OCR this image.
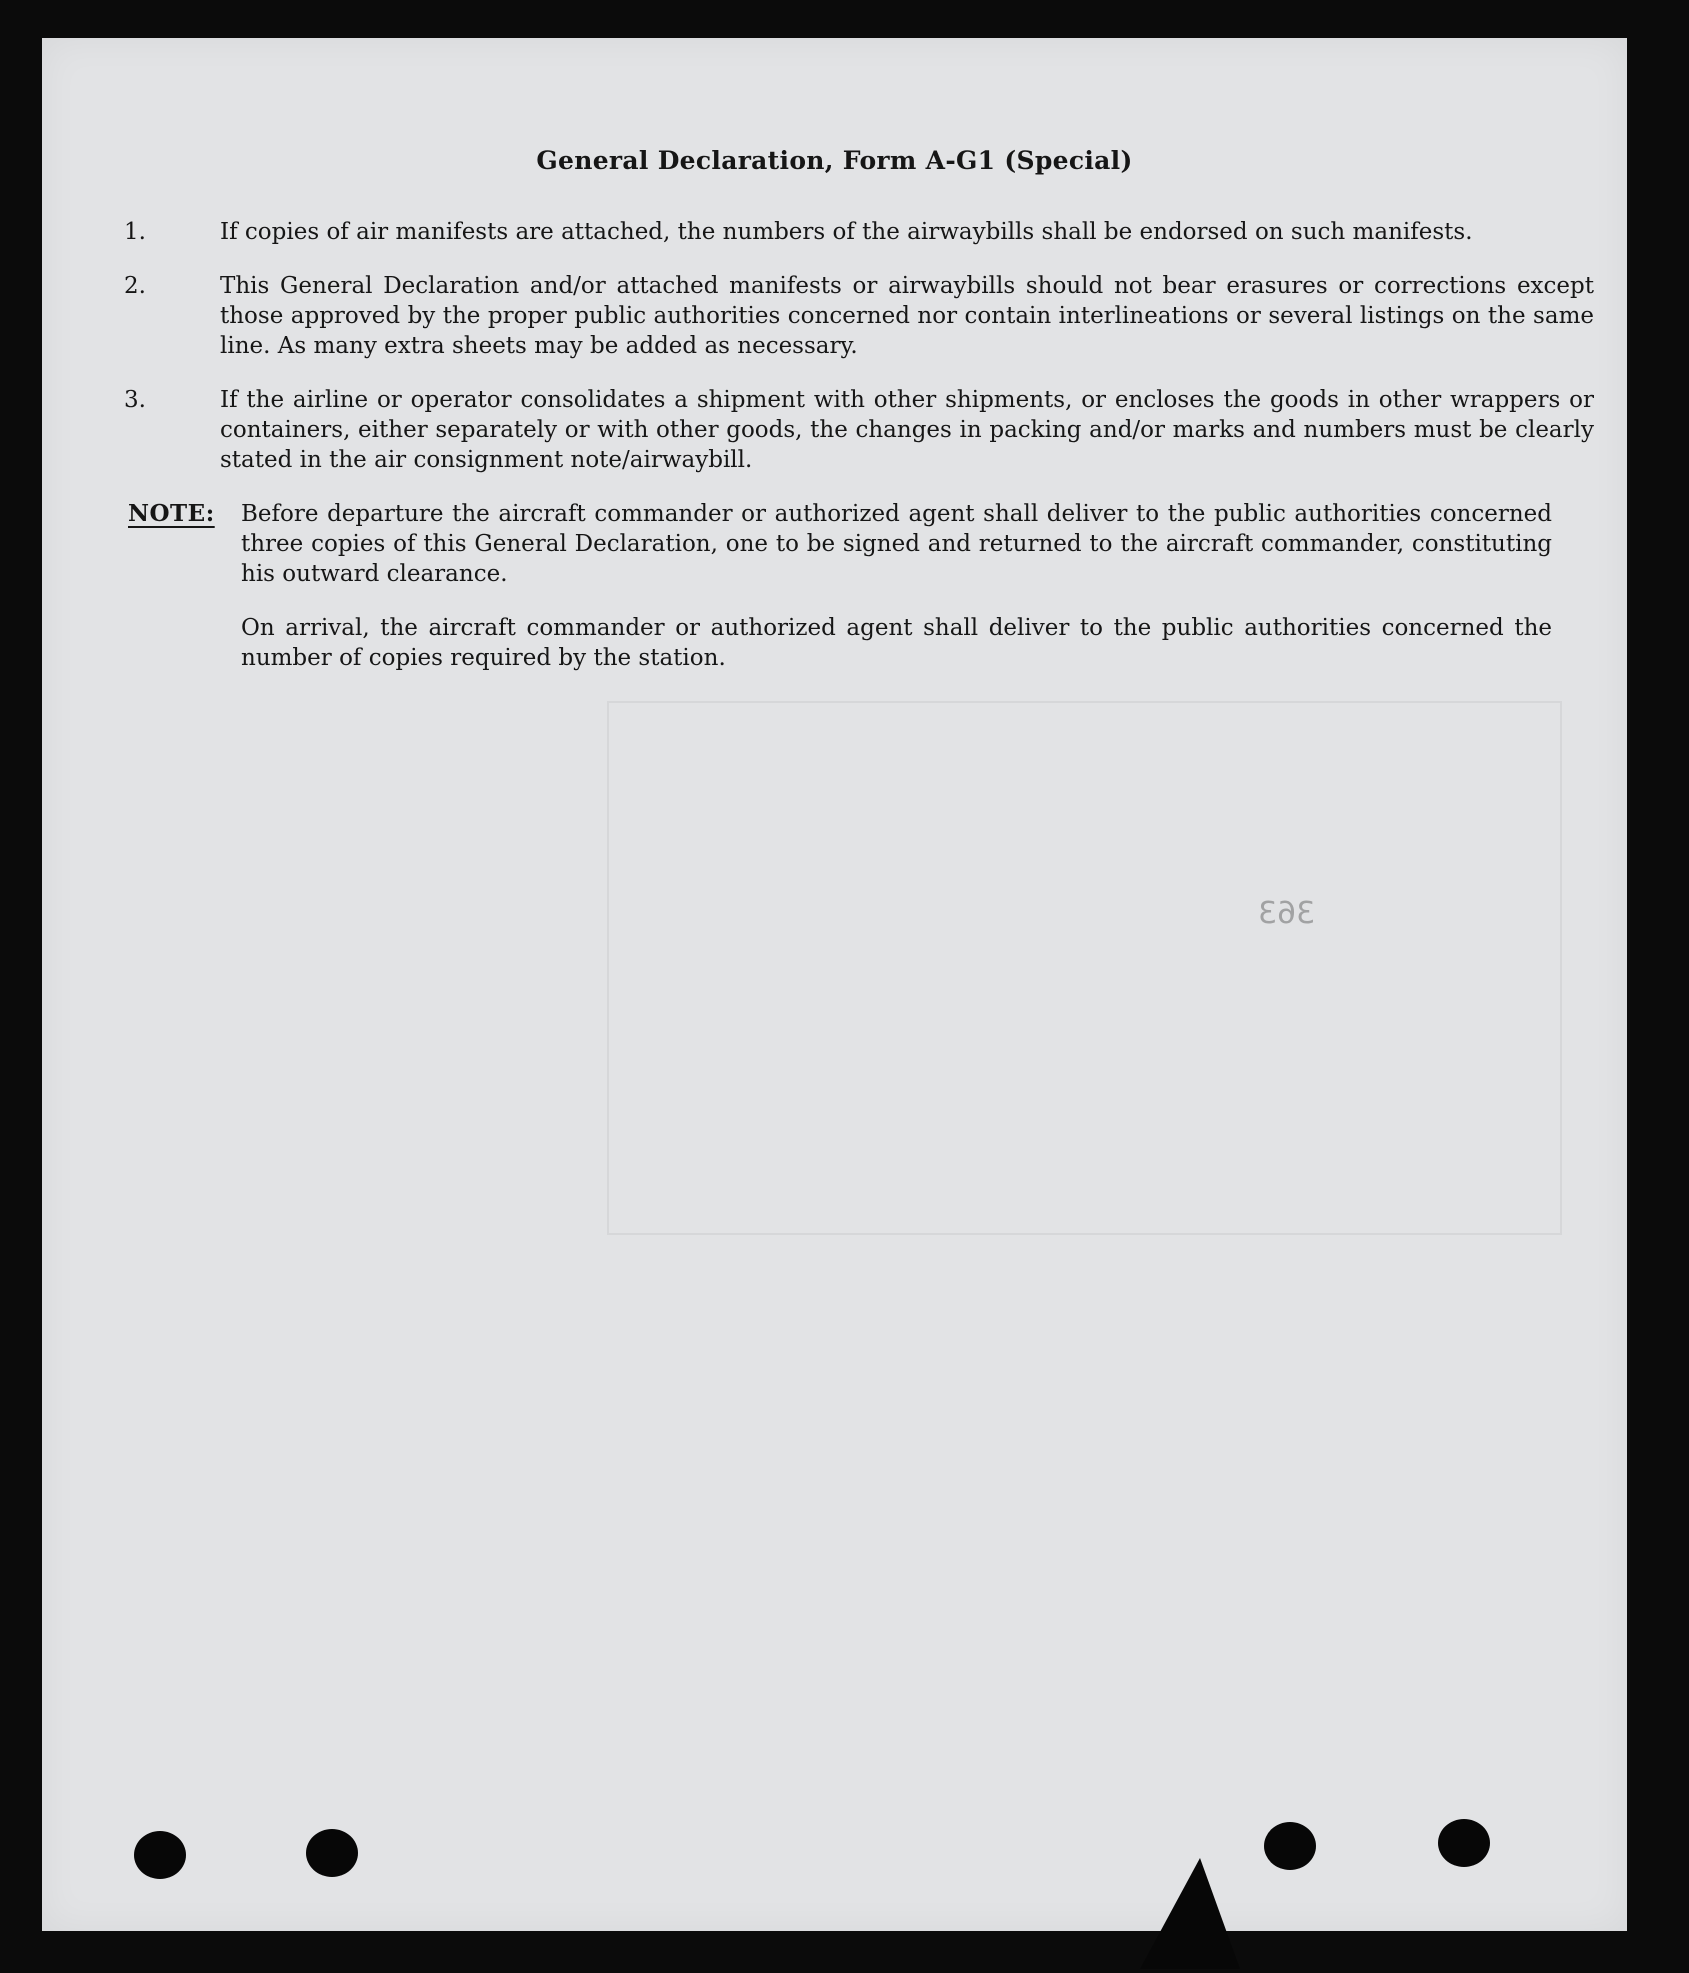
General Declaration, Form A-G1 (Special)
1.	If copies of air manifests are attached, the numbers of the airwaybills shall be endorsed on such manifests.
2.	This General Declaration and/or attached manifests or airwaybills should not bear erasures or corrections except those approved by the proper public authorities concerned nor contain interlineations or several listings on the same line. As many extra sheets may be added as necessary.
3.	If the airline or operator consolidates a shipment with other shipments, or encloses the goods in other wrappers or containers, either separately or with other goods, the changes in packing and/or marks and numbers must be clearly stated in the air consignment note/airwaybill.
NOTE: Before departure the aircraft commander or authorized agent shall deliver to the public authorities concerned three copies of this General Declaration, one to be signed and returned to the aircraft commander, constituting his outward clearance.
On arrival, the aircraft commander or authorized agent shall deliver to the public authorities concerned the number of copies required by the station.
363
